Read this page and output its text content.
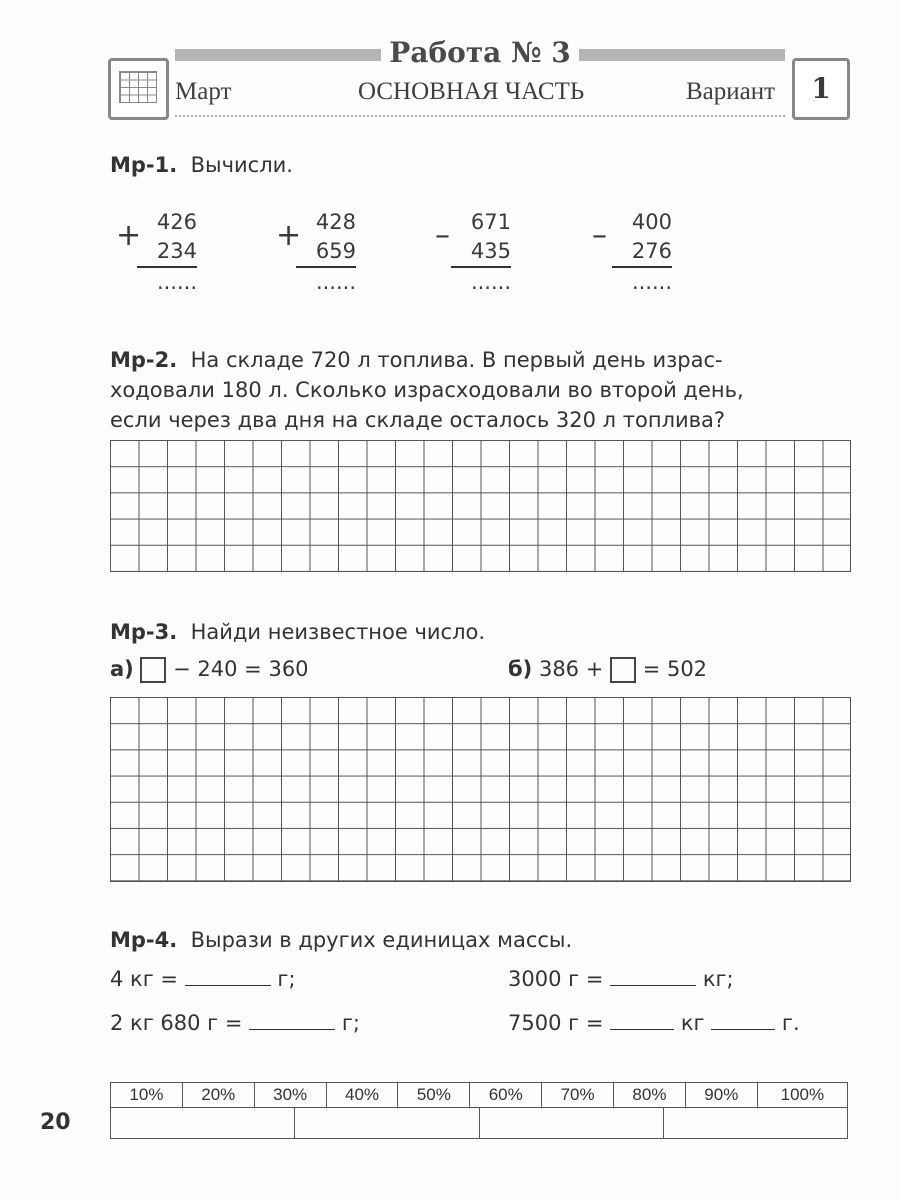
Работа № 3
Март	ОСНОВНАЯ ЧАСТЬ	Вариант	1
Мр-1. Вычисли.
+ 426
234
......
+ 428
659
......
– 671
435
......
–	400
276
......
Мр-2. На складе 720 л топлива. В первый день израс-
ходовали 180 л. Сколько израсходовали во второй день,
если через два дня на складе осталось 320 л топлива?
Мр-3. Найди неизвестное число.
а) − 240 = 360	б) 386 + = 502
Мр-4. Вырази в других единицах массы.
4 кг =	г;	3000 г =	кг;
2 кг 680 г =	г;	7500 г =	кг	г.
10%	20%	30%	40%	50%	60%	70%	80%	90%	100%

20
